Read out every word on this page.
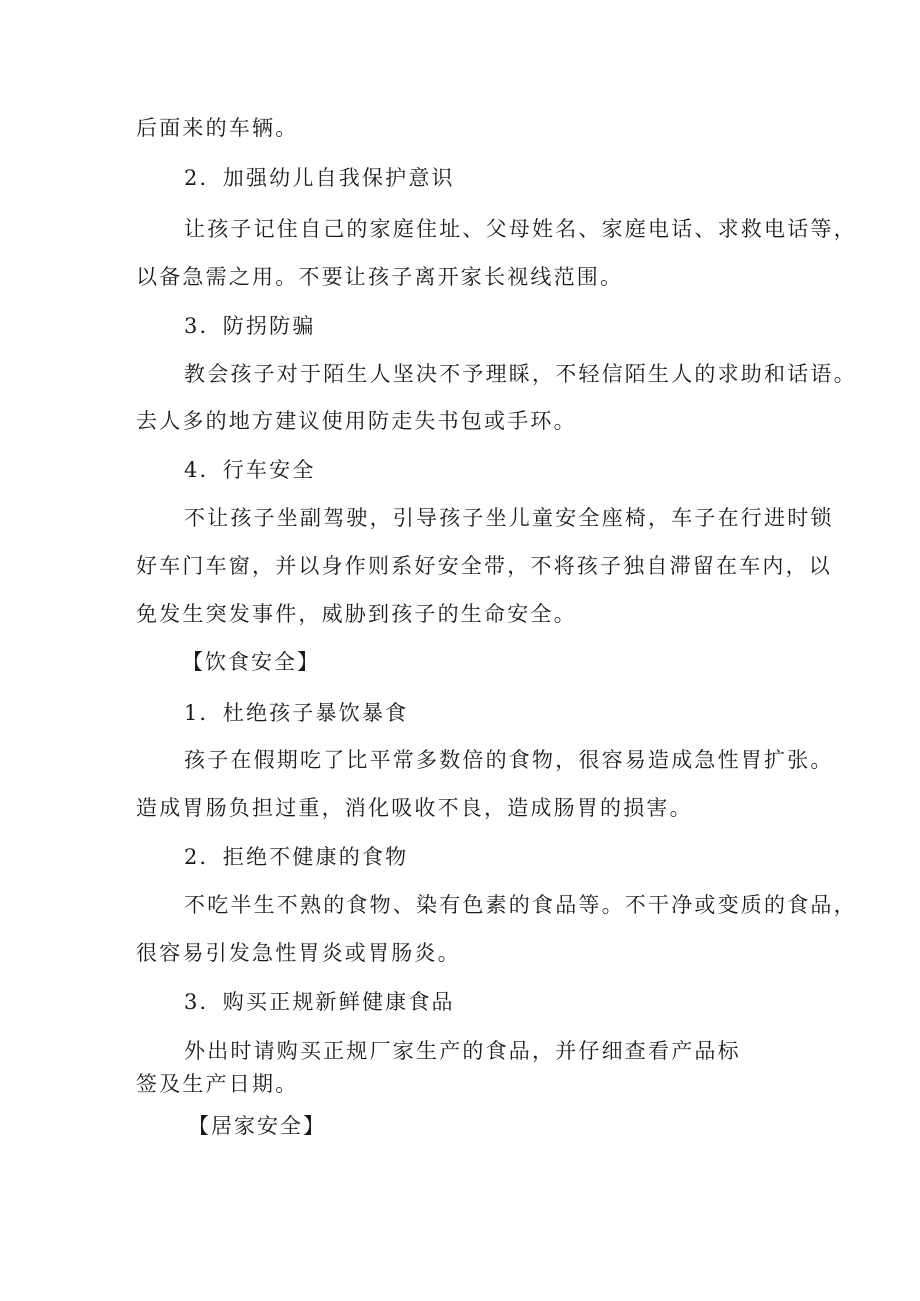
后面来的车辆。
2．加强幼儿自我保护意识
让孩子记住自己的家庭住址、父母姓名、家庭电话、求救电话等，
以备急需之用。不要让孩子离开家长视线范围。
3．防拐防骗
教会孩子对于陌生人坚决不予理睬，不轻信陌生人的求助和话语。
去人多的地方建议使用防走失书包或手环。
4．行车安全
不让孩子坐副驾驶，引导孩子坐儿童安全座椅，车子在行进时锁
好车门车窗，并以身作则系好安全带，不将孩子独自滞留在车内，以
免发生突发事件，威胁到孩子的生命安全。
【饮食安全】
1．杜绝孩子暴饮暴食
孩子在假期吃了比平常多数倍的食物，很容易造成急性胃扩张。
造成胃肠负担过重，消化吸收不良，造成肠胃的损害。
2．拒绝不健康的食物
不吃半生不熟的食物、染有色素的食品等。不干净或变质的食品，
很容易引发急性胃炎或胃肠炎。
3．购买正规新鲜健康食品
外出时请购买正规厂家生产的食品，并仔细查看产品标
签及生产日期。
【居家安全】
